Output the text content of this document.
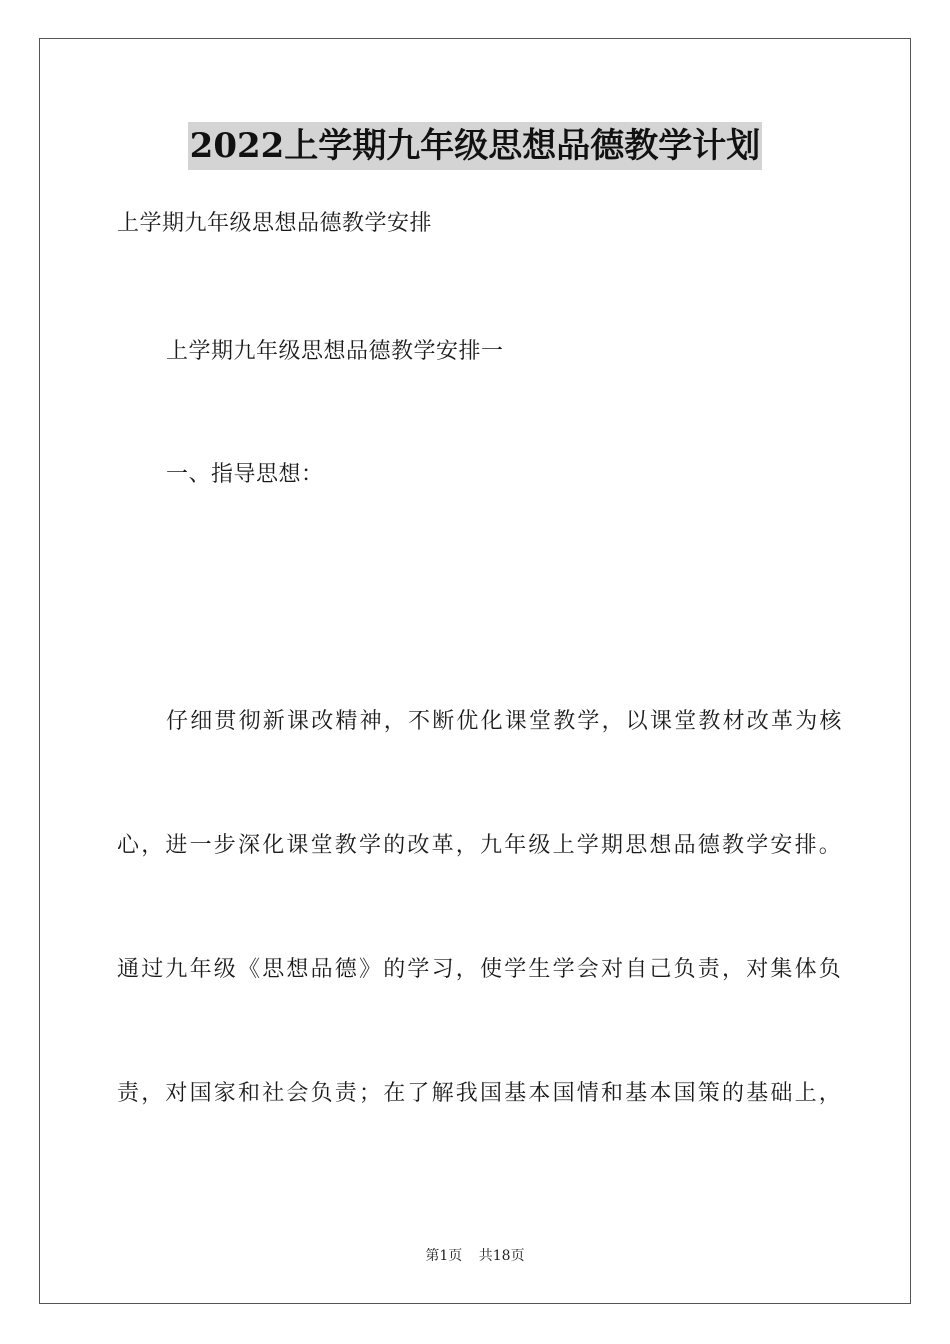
2022上学期九年级思想品德教学计划
上学期九年级思想品德教学安排
上学期九年级思想品德教学安排一
一、指导思想：
仔细贯彻新课改精神，不断优化课堂教学，以课堂教材改革为核
心，进一步深化课堂教学的改革，九年级上学期思想品德教学安排。
通过九年级《思想品德》的学习，使学生学会对自己负责，对集体负
责，对国家和社会负责；在了解我国基本国情和基本国策的基础上，
第1页 共18页
